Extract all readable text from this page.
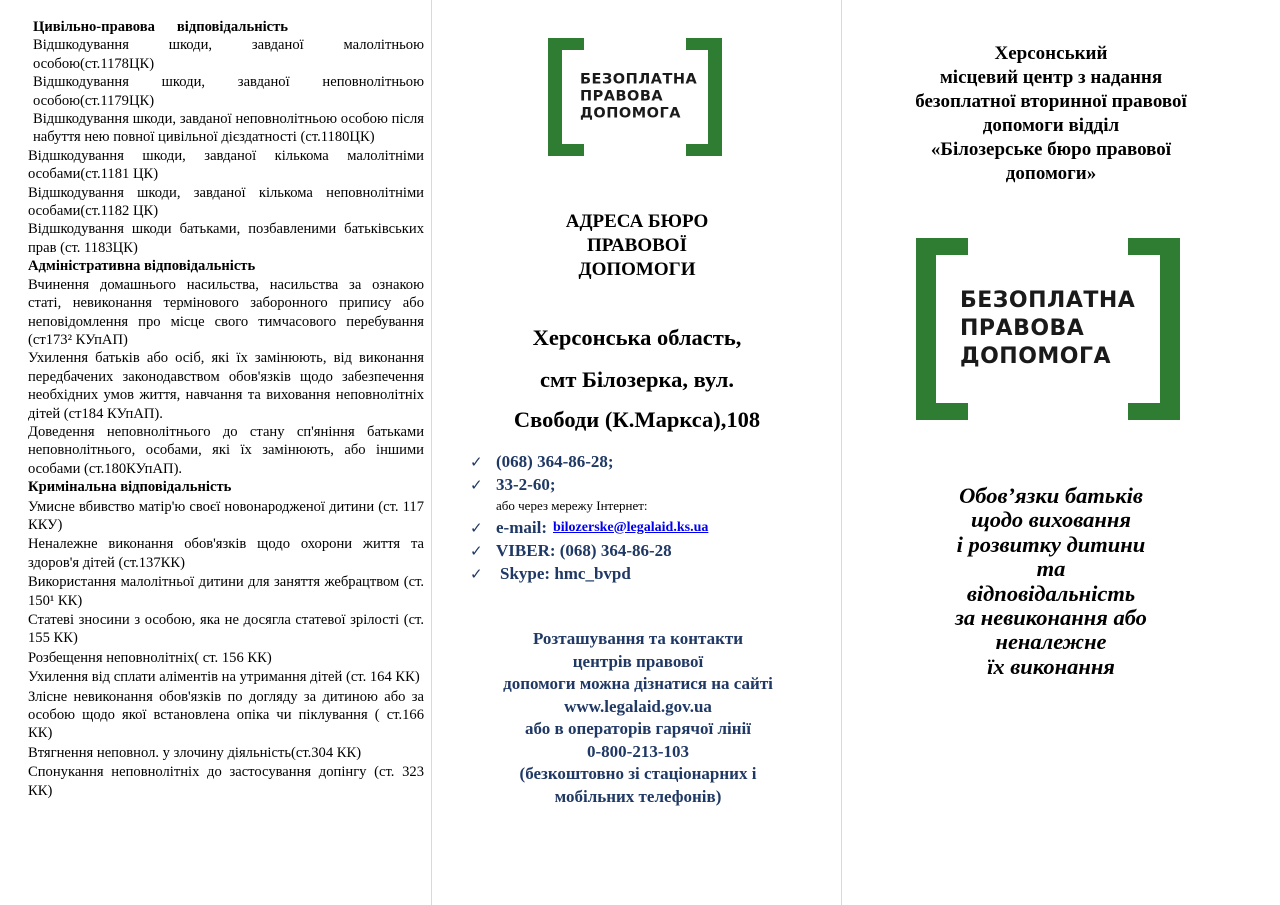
Цивільно-правова відповідальність
Відшкодування шкоди, завданої малолітньою особою(ст.1178ЦК)
Відшкодування шкоди, завданої неповнолітньою особою(ст.1179ЦК)
Відшкодування шкоди, завданої неповнолітньою особою після набуття нею повної цивільної дієздатності (ст.1180ЦК)
Відшкодування шкоди, завданої кількома малолітніми особами(ст.1181 ЦК)
Відшкодування шкоди, завданої кількома неповнолітніми особами(ст.1182 ЦК)
Відшкодування шкоди батьками, позбавленими батьківських прав (ст. 1183ЦК)
Адміністративна відповідальність
Вчинення домашнього насильства, насильства за ознакою статі, невиконання термінового заборонного припису або неповідомлення про місце свого тимчасового перебування (ст173² КУпАП)
Ухилення батьків або осіб, які їх замінюють, від виконання передбачених законодавством обов'язків щодо забезпечення необхідних умов життя, навчання та виховання неповнолітніх дітей (ст184 КУпАП).
Доведення неповнолітнього до стану сп'яніння батьками неповнолітнього, особами, які їх замінюють, або іншими особами (ст.180КУпАП).
Кримінальна відповідальність
Умисне вбивство матір'ю своєї новонародженої дитини (ст. 117 ККУ)
Неналежне виконання обов'язків щодо охорони життя та здоров'я дітей (ст.137КК)
Використання малолітньої дитини для заняття жебрацтвом (ст. 150¹ КК)
Статеві зносини з особою, яка не досягла статевої зрілості (ст. 155 КК)
Розбещення неповнолітніх( ст. 156 КК)
Ухилення від сплати аліментів на утримання дітей (ст. 164 КК)
Злісне невиконання обов'язків по догляду за дитиною або за особою щодо якої встановлена опіка чи піклування ( ст.166 КК)
Втягнення неповнол. у злочину діяльність(ст.304 КК)
Спонукання неповнолітніх до застосування допінгу (ст. 323 КК)
БЕЗОПЛАТНА
ПРАВОВА
ДОПОМОГА
АДРЕСА БЮРО
ПРАВОВОЇ
ДОПОМОГИ
Херсонська область,
смт Білозерка, вул.
Свободи (К.Маркса),108
✓ (068) 364-86-28;
✓ 33-2-60;
або через мережу Інтернет:
✓ e-mail: bilozerske@legalaid.ks.ua
✓ VIBER: (068) 364-86-28
✓	Skype: hmc_bvpd
Розташування та контакти
центрів правової
допомоги можна дізнатися на сайті
www.legalaid.gov.ua
або в операторів гарячої лінії
0-800-213-103
(безкоштовно зі стаціонарних і
мобільних телефонів)
Херсонський
місцевий центр з надання
безоплатної вторинної правової
допомоги відділ
«Білозерське бюро правової
допомоги»
БЕЗОПЛАТНА
ПРАВОВА
ДОПОМОГА
Обов’язки батьків
щодо виховання
і розвитку дитини
та
відповідальність
за невиконання або
неналежне
їх виконання
